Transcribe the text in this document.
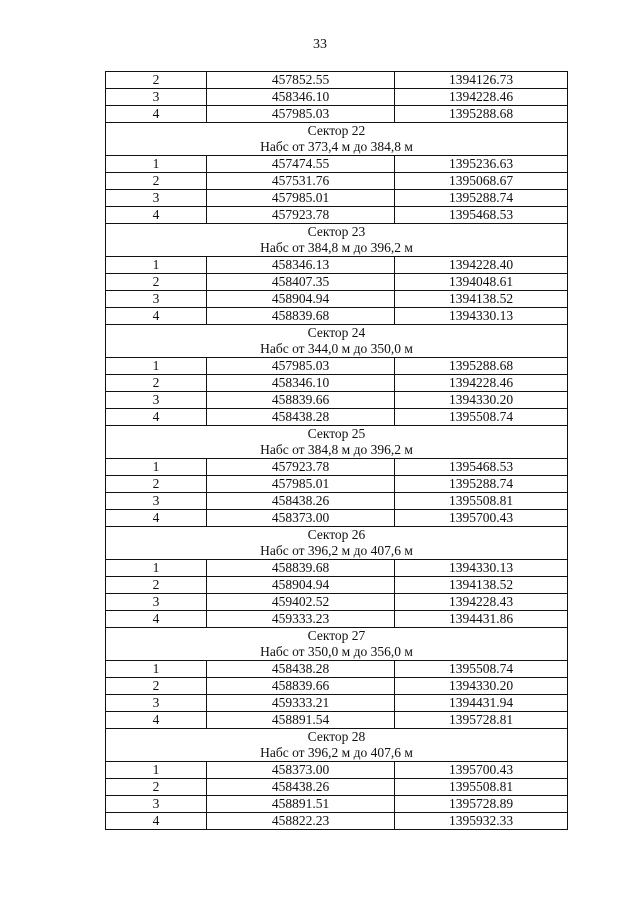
33
2	457852.55	1394126.73
3	458346.10	1394228.46
4	457985.03	1395288.68

Сектор 22
Набс от 373,4 м до 384,8 м		

1	457474.55	1395236.63
2	457531.76	1395068.67
3	457985.01	1395288.74
4	457923.78	1395468.53

Сектор 23
Набс от 384,8 м до 396,2 м		

1	458346.13	1394228.40
2	458407.35	1394048.61
3	458904.94	1394138.52
4	458839.68	1394330.13

Сектор 24
Набс от 344,0 м до 350,0 м		

1	457985.03	1395288.68
2	458346.10	1394228.46
3	458839.66	1394330.20
4	458438.28	1395508.74

Сектор 25
Набс от 384,8 м до 396,2 м		

1	457923.78	1395468.53
2	457985.01	1395288.74
3	458438.26	1395508.81
4	458373.00	1395700.43

Сектор 26
Набс от 396,2 м до 407,6 м		

1	458839.68	1394330.13
2	458904.94	1394138.52
3	459402.52	1394228.43
4	459333.23	1394431.86

Сектор 27
Набс от 350,0 м до 356,0 м		

1	458438.28	1395508.74
2	458839.66	1394330.20
3	459333.21	1394431.94
4	458891.54	1395728.81

Сектор 28
Набс от 396,2 м до 407,6 м		

1	458373.00	1395700.43
2	458438.26	1395508.81
3	458891.51	1395728.89
4	458822.23	1395932.33
